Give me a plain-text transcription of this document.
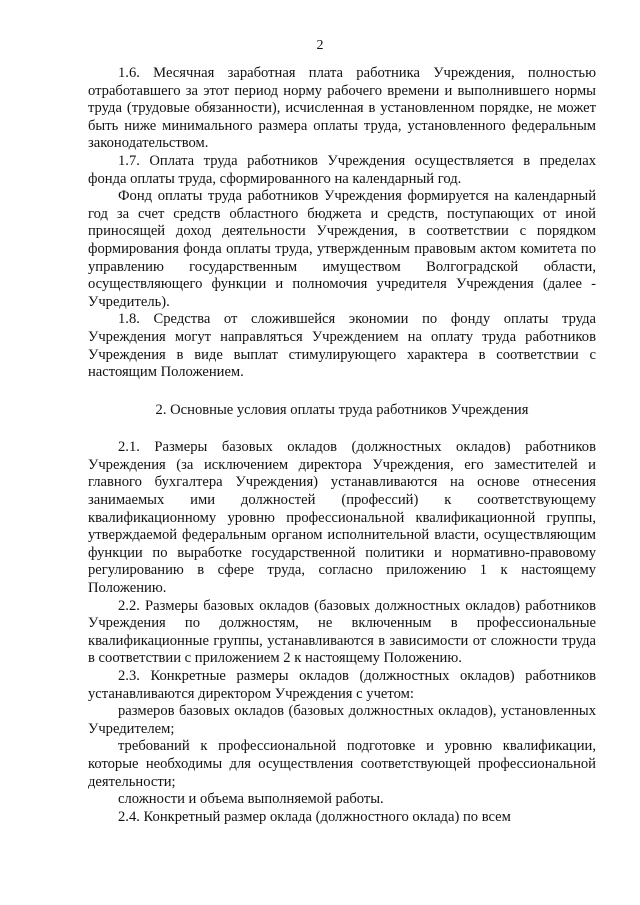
2

1.6. Месячная заработная плата работника Учреждения, полностью отработавшего за этот период норму рабочего времени и выполнившего нормы труда (трудовые обязанности), исчисленная в установленном порядке, не может быть ниже минимального размера оплаты труда, установленного федеральным законодательством.

1.7. Оплата труда работников Учреждения осуществляется в пределах фонда оплаты труда, сформированного на календарный год.

Фонд оплаты труда работников Учреждения формируется на календарный год за счет средств областного бюджета и средств, поступающих от иной приносящей доход деятельности Учреждения, в соответствии с порядком формирования фонда оплаты труда, утвержденным правовым актом комитета по управлению государственным имуществом Волгоградской области, осуществляющего функции и полномочия учредителя Учреждения (далее - Учредитель).

1.8. Средства от сложившейся экономии по фонду оплаты труда Учреждения могут направляться Учреждением на оплату труда работников Учреждения в виде выплат стимулирующего характера в соответствии с настоящим Положением.

2. Основные условия оплаты труда работников Учреждения

2.1. Размеры базовых окладов (должностных окладов) работников Учреждения (за исключением директора Учреждения, его заместителей и главного бухгалтера Учреждения) устанавливаются на основе отнесения занимаемых ими должностей (профессий) к соответствующему квалификационному уровню профессиональной квалификационной группы, утверждаемой федеральным органом исполнительной власти, осуществляющим функции по выработке государственной политики и нормативно-правовому регулированию в сфере труда, согласно приложению 1 к настоящему Положению.

2.2. Размеры базовых окладов (базовых должностных окладов) работников Учреждения по должностям, не включенным в профессиональные квалификационные группы, устанавливаются в зависимости от сложности труда в соответствии с приложением 2 к настоящему Положению.

2.3. Конкретные размеры окладов (должностных окладов) работников устанавливаются директором Учреждения с учетом:

размеров базовых окладов (базовых должностных окладов), установленных Учредителем;

требований к профессиональной подготовке и уровню квалификации, которые необходимы для осуществления соответствующей профессиональной деятельности;

сложности и объема выполняемой работы.

2.4. Конкретный размер оклада (должностного оклада) по всем
